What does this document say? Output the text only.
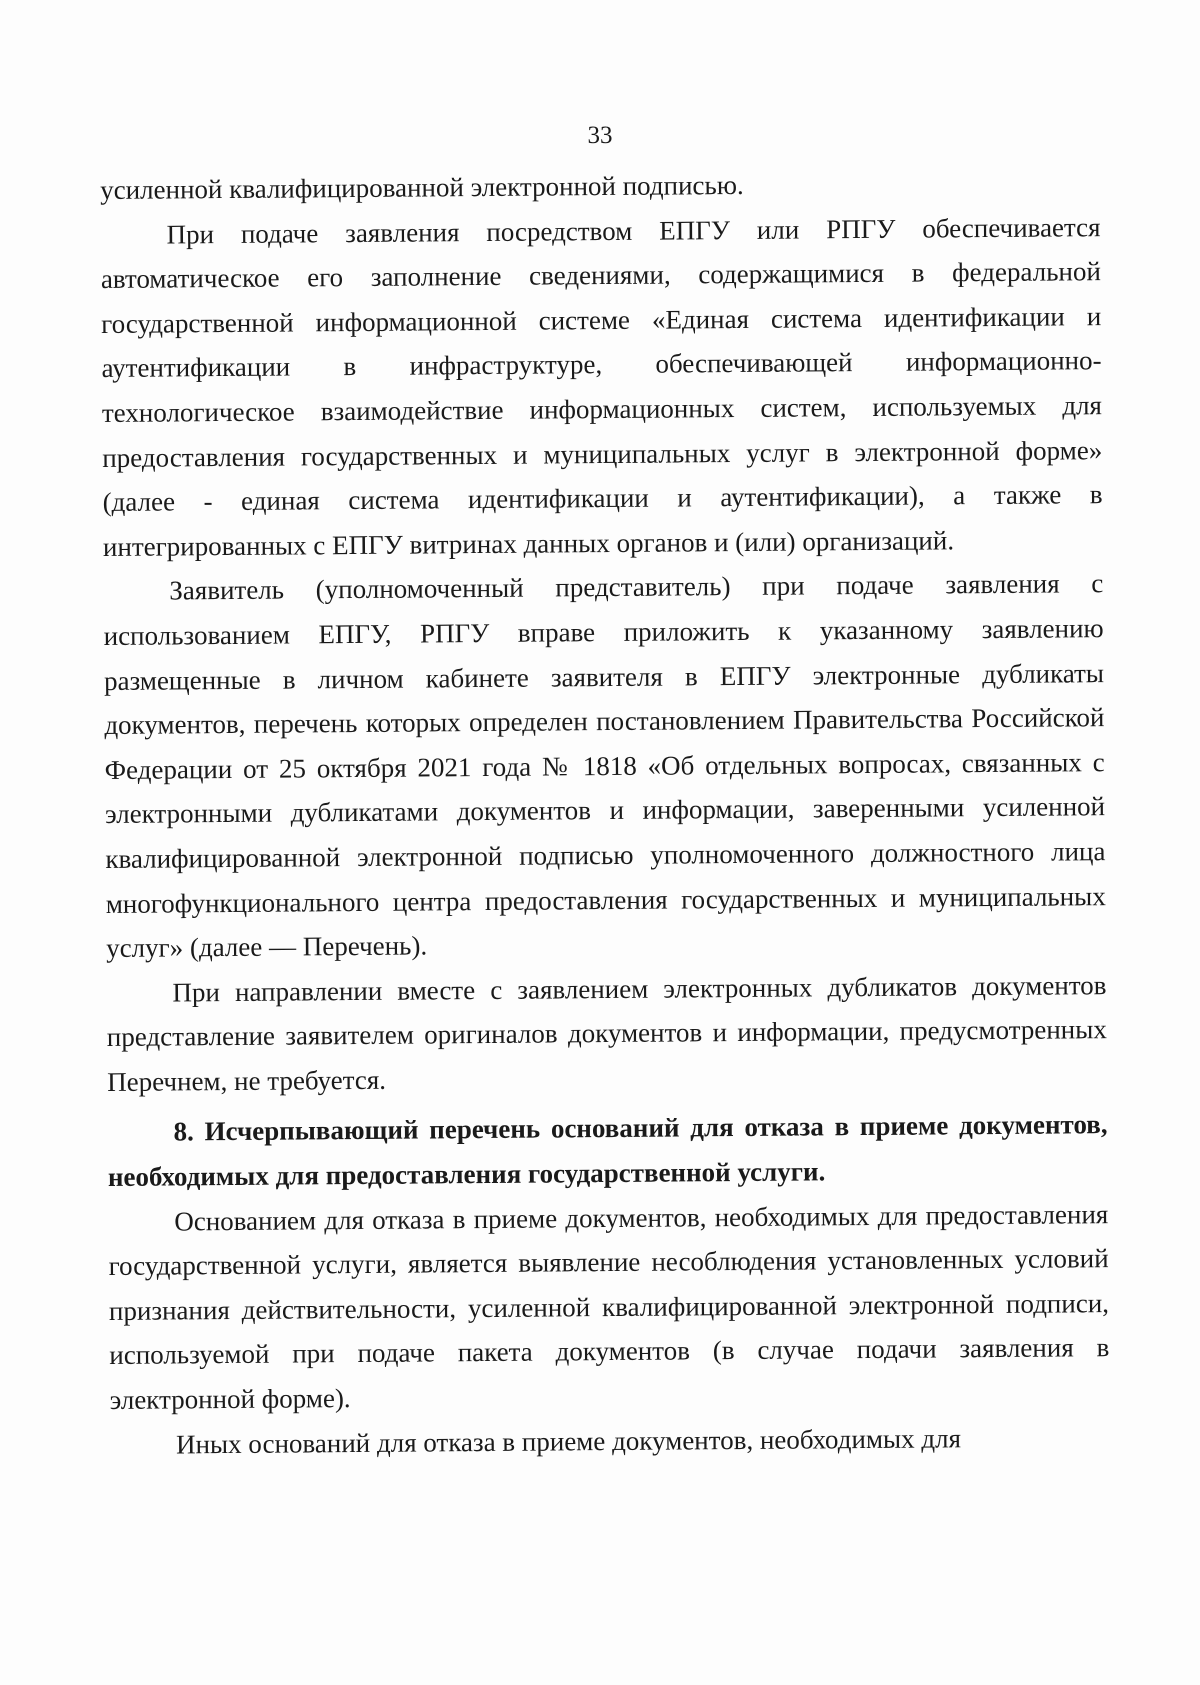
33

усиленной квалифицированной электронной подписью.

При подаче заявления посредством ЕПГУ или РПГУ обеспечивается автоматическое его заполнение сведениями, содержащимися в федеральной государственной информационной системе «Единая система идентификации и аутентификации в инфраструктуре, обеспечивающей информационно-технологическое взаимодействие информационных систем, используемых для предоставления государственных и муниципальных услуг в электронной форме» (далее - единая система идентификации и аутентификации), а также в интегрированных с ЕПГУ витринах данных органов и (или) организаций.

Заявитель (уполномоченный представитель) при подаче заявления с использованием ЕПГУ, РПГУ вправе приложить к указанному заявлению размещенные в личном кабинете заявителя в ЕПГУ электронные дубликаты документов, перечень которых определен постановлением Правительства Российской Федерации от 25 октября 2021 года № 1818 «Об отдельных вопросах, связанных с электронными дубликатами документов и информации, заверенными усиленной квалифицированной электронной подписью уполномоченного должностного лица многофункционального центра предоставления государственных и муниципальных услуг» (далее — Перечень).

При направлении вместе с заявлением электронных дубликатов документов представление заявителем оригиналов документов и информации, предусмотренных Перечнем, не требуется.

8. Исчерпывающий перечень оснований для отказа в приеме документов, необходимых для предоставления государственной услуги.

Основанием для отказа в приеме документов, необходимых для предоставления государственной услуги, является выявление несоблюдения установленных условий признания действительности, усиленной квалифицированной электронной подписи, используемой при подаче пакета документов (в случае подачи заявления в электронной форме).

Иных оснований для отказа в приеме документов, необходимых для
